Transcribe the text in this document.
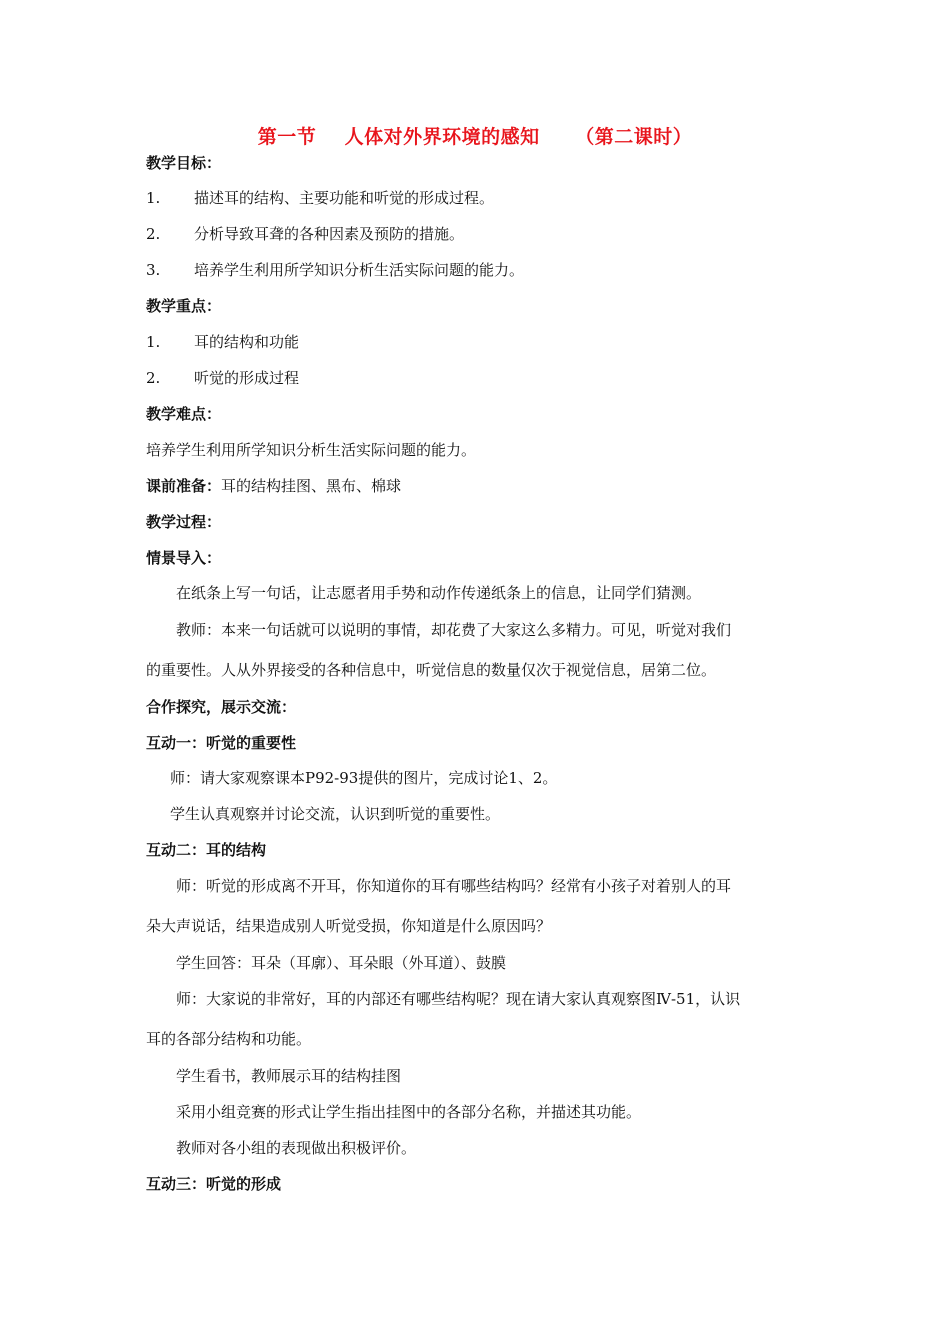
第一节    人体对外界环境的感知     （第二课时）
教学目标：
1. 描述耳的结构、主要功能和听觉的形成过程。
2. 分析导致耳聋的各种因素及预防的措施。
3. 培养学生利用所学知识分析生活实际问题的能力。
教学重点：
1. 耳的结构和功能
2. 听觉的形成过程
教学难点：
培养学生利用所学知识分析生活实际问题的能力。
课前准备：耳的结构挂图、黑布、棉球
教学过程：
情景导入：
在纸条上写一句话，让志愿者用手势和动作传递纸条上的信息，让同学们猜测。
教师：本来一句话就可以说明的事情，却花费了大家这么多精力。可见，听觉对我们
的重要性。人从外界接受的各种信息中，听觉信息的数量仅次于视觉信息，居第二位。
合作探究，展示交流：
互动一：听觉的重要性
师：请大家观察课本P92-93提供的图片，完成讨论1、2。
学生认真观察并讨论交流，认识到听觉的重要性。
互动二：耳的结构
师：听觉的形成离不开耳，你知道你的耳有哪些结构吗？经常有小孩子对着别人的耳
朵大声说话，结果造成别人听觉受损，你知道是什么原因吗？
学生回答：耳朵（耳廓）、耳朵眼（外耳道）、鼓膜
师：大家说的非常好，耳的内部还有哪些结构呢？现在请大家认真观察图Ⅳ-51，认识
耳的各部分结构和功能。
学生看书，教师展示耳的结构挂图
采用小组竞赛的形式让学生指出挂图中的各部分名称，并描述其功能。
教师对各小组的表现做出积极评价。
互动三：听觉的形成
